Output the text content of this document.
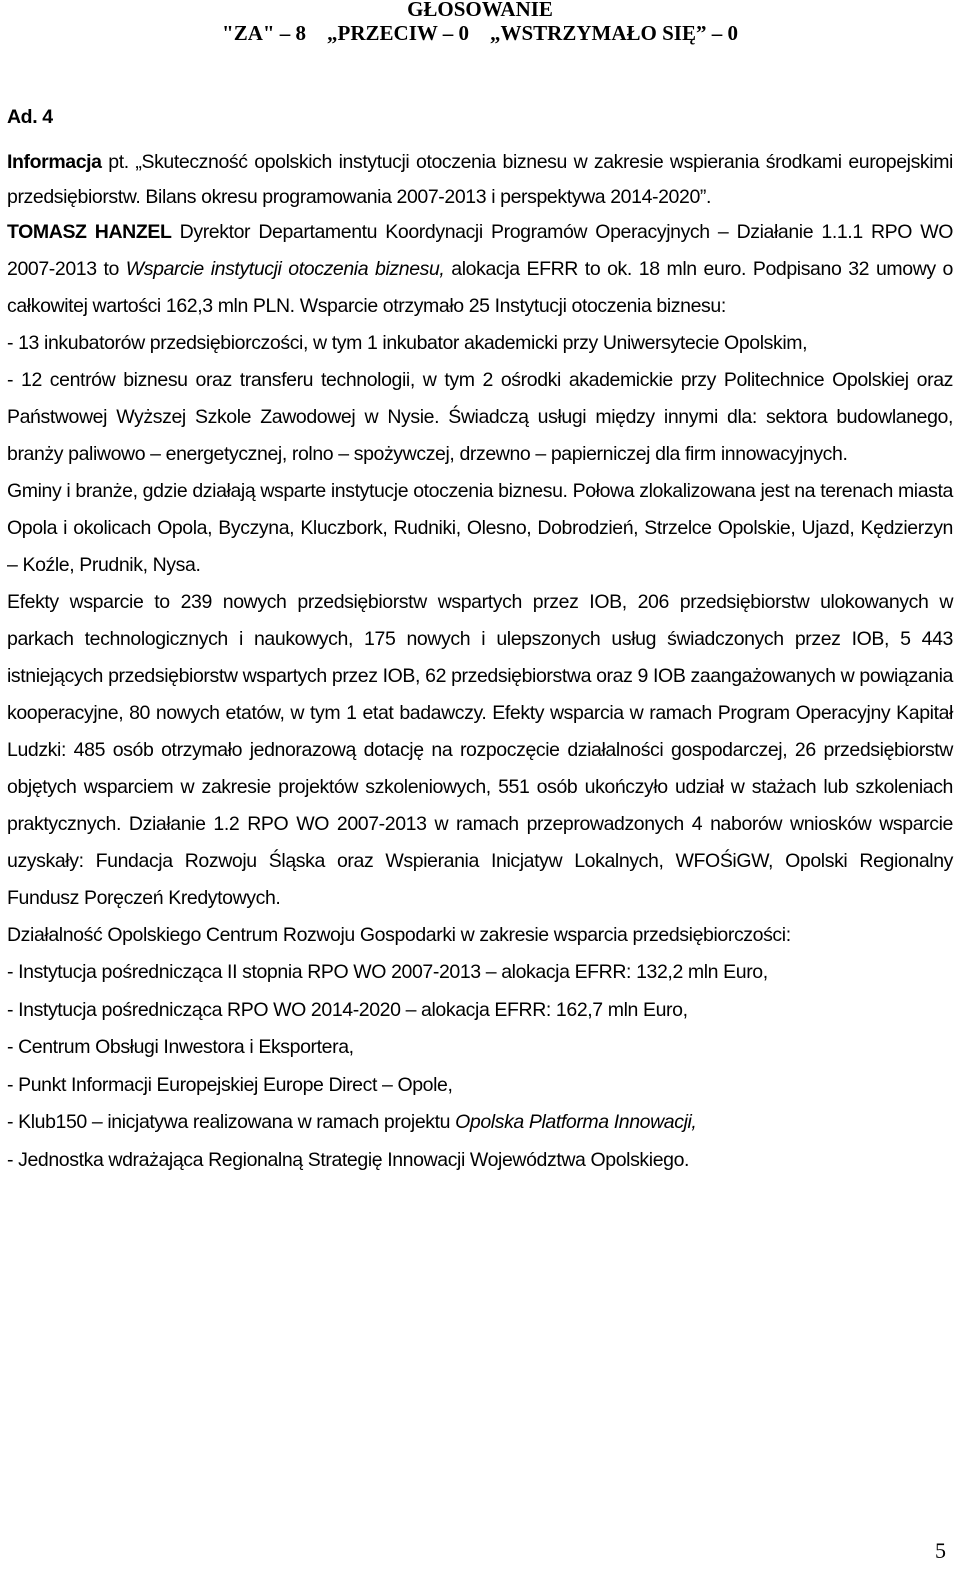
GŁOSOWANIE
"ZA" – 8    „PRZECIW – 0    „WSTRZYMAŁO SIĘ” – 0
Ad. 4

Informacja pt. „Skuteczność opolskich instytucji otoczenia biznesu w zakresie wspierania środkami europejskimi przedsiębiorstw. Bilans okresu programowania 2007-2013 i perspektywa 2014-2020”.

TOMASZ HANZEL Dyrektor Departamentu Koordynacji Programów Operacyjnych – Działanie 1.1.1 RPO WO 2007-2013 to Wsparcie instytucji otoczenia biznesu, alokacja EFRR to ok. 18 mln euro. Podpisano 32 umowy o całkowitej wartości 162,3 mln PLN. Wsparcie otrzymało 25 Instytucji otoczenia biznesu:

- 13 inkubatorów przedsiębiorczości, w tym 1 inkubator akademicki przy Uniwersytecie Opolskim,

- 12 centrów biznesu oraz transferu technologii, w tym 2 ośrodki akademickie przy Politechnice Opolskiej oraz Państwowej Wyższej Szkole Zawodowej w Nysie. Świadczą usługi między innymi dla: sektora budowlanego, branży paliwowo – energetycznej, rolno – spożywczej, drzewno – papierniczej dla firm innowacyjnych.

Gminy i branże, gdzie działają wsparte instytucje otoczenia biznesu. Połowa zlokalizowana jest na terenach miasta Opola i okolicach Opola, Byczyna, Kluczbork, Rudniki, Olesno, Dobrodzień, Strzelce Opolskie, Ujazd, Kędzierzyn – Koźle, Prudnik, Nysa.

Efekty wsparcie to 239 nowych przedsiębiorstw wspartych przez IOB, 206 przedsiębiorstw ulokowanych w parkach technologicznych i naukowych, 175 nowych i ulepszonych usług świadczonych przez IOB, 5 443 istniejących przedsiębiorstw wspartych przez IOB, 62 przedsiębiorstwa oraz 9 IOB zaangażowanych w powiązania kooperacyjne, 80 nowych etatów, w tym 1 etat badawczy. Efekty wsparcia w ramach Program Operacyjny Kapitał Ludzki: 485 osób otrzymało jednorazową dotację na rozpoczęcie działalności gospodarczej, 26 przedsiębiorstw objętych wsparciem w zakresie projektów szkoleniowych, 551 osób ukończyło udział w stażach lub szkoleniach praktycznych. Działanie 1.2 RPO WO 2007-2013 w ramach przeprowadzonych 4 naborów wniosków wsparcie uzyskały: Fundacja Rozwoju Śląska oraz Wspierania Inicjatyw Lokalnych, WFOŚiGW, Opolski Regionalny Fundusz Poręczeń Kredytowych.

Działalność Opolskiego Centrum Rozwoju Gospodarki w zakresie wsparcia przedsiębiorczości:

- Instytucja pośrednicząca II stopnia RPO WO 2007-2013 – alokacja EFRR: 132,2 mln Euro,
- Instytucja pośrednicząca RPO WO 2014-2020 – alokacja EFRR: 162,7 mln Euro,
- Centrum Obsługi Inwestora i Eksportera,
- Punkt Informacji Europejskiej Europe Direct – Opole,
- Klub150 – inicjatywa realizowana w ramach projektu Opolska Platforma Innowacji,
- Jednostka wdrażająca Regionalną Strategię Innowacji Województwa Opolskiego.
5
